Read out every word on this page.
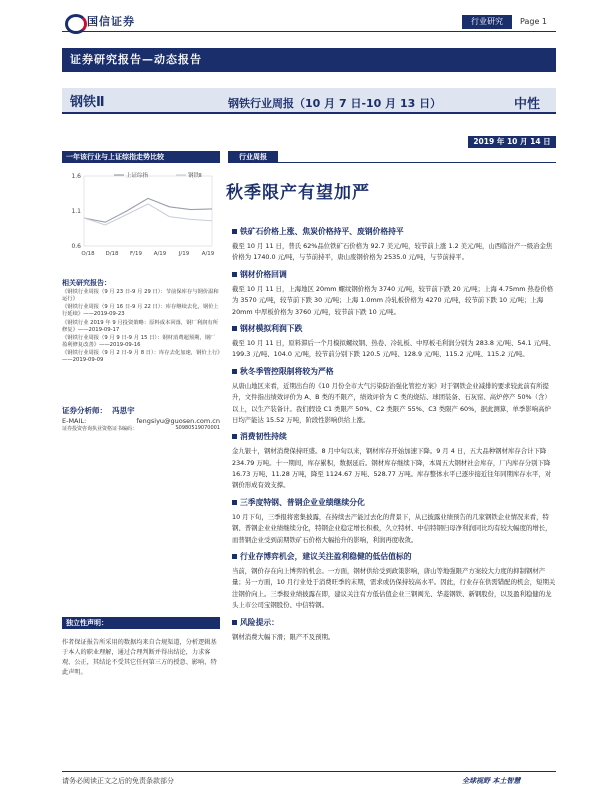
国信证券	行业研究	Page 1
证券研究报告—动态报告
钢铁Ⅱ	钢铁行业周报（10 月 7 日-10 月 13 日）	中性
2019 年 10 月 14 日
一年该行业与上证综指走势比较
1.6
1.1
0.6
O/18 D/18 F/19 A/19 J/19 A/19
上证综指	钢铁Ⅱ

相关研究报告：

《钢铁行业周报（9 月 23 日-9 月 29 日）：节前保库存与钢价温和运行》

《钢铁行业周报（9 月 16 日-9 月 22 日）：库存继续去化，钢价上行延续》——2019-09-23

《钢铁行业 2019 年 9 月投资策略：原料成本回落，钢厂利润有所修复》——2019-09-17

《钢铁行业周报（9 月 9 日-9 月 15 日）：钢材消费超预期，钢厂盈利修复改善》——2019-09-16

《钢铁行业周报（9 月 2 日-9 月 8 日）：库存去化加速，钢价上行》——2019-09-09

证券分析师： 冯思宇
E-MAIL:	fengsiyu@guosen.com.cn
证券投资咨询执业资格证书编码：	S0980519070001
独立性声明：
作者保证报告所采用的数据均来自合规渠道，分析逻辑基于本人的职业理解，通过合理判断并得出结论，力求客观、公正，其结论不受其它任何第三方的授意、影响，特此声明。
行业周报
秋季限产有望加严
铁矿石价格上涨、焦炭价格持平、废钢价格持平

截至 10 月 11 日，普氏 62%品位铁矿石价格为 92.7 美元/吨，较节前上涨 1.2 美元/吨，山西临汾产一级冶金焦价格为 1740.0 元/吨，与节前持平，唐山废钢价格为 2535.0 元/吨，与节前持平。

钢材价格回调

截至 10 月 11 日，上海地区 20mm 螺纹钢价格为 3740 元/吨，较节前下跌 20 元/吨；上海 4.75mm 热卷价格为 3570 元/吨，较节前下跌 30 元/吨；上海 1.0mm 冷轧板价格为 4270 元/吨，较节前下跌 10 元/吨；上海 20mm 中厚板价格为 3760 元/吨，较节前下跌 10 元/吨。

钢材模拟利润下跌

截至 10 月 11 日，原料滞后一个月模拟螺纹钢、热卷、冷轧板、中厚板毛利润分别为 283.8 元/吨、54.1 元/吨、199.3 元/吨、104.0 元/吨，较节前分别下跌 120.5 元/吨、128.9 元/吨、115.2 元/吨、115.2 元/吨。

秋冬季管控限制将较为严格

从唐山地区来看，近期出台的《10 月份全市大气污染防治强化管控方案》对于钢铁企业减排的要求较此前有所提升，文件指出绩效评价为 A、B 类的不限产，绩效评价为 C 类的烧结、球团装备、石灰窑、高炉停产 50%（含）以上，以生产装备计。我们假设 C1 类限产 50%、C2 类限产 55%、C3 类限产 60%，据此测算，单季影响高炉日均产能达 15.52 万吨，阶段性影响供给上涨。

消费韧性持续

金九银十，钢材消费保持旺盛。8 月中旬以来，钢材库存开始加速下降。9 月 4 日，五大品种钢材库存合计下降 234.79 万吨。十一期间，库存累积，数据延后。钢材库存继续下降，本周五大钢材社会库存，厂内库存分别下降 16.73 万吨、11.28 万吨，降至 1124.67 万吨、528.77 万吨。库存整体水平已逐步接近往年同期库存水平，对钢价形成有效支撑。

三季度特钢、普钢企业业绩继续分化

10 月下旬，三季报将密集披露，在持续去产能过去化的背景下，从已披露业绩预告的几家钢铁企业情况来看，特钢、普钢企业业绩继续分化，特钢企业稳定增长积极，久立特材、中信特钢归母净利润同比均有较大幅度的增长，而普钢企业受到前期铁矿石价格大幅抬升的影响，利润再度收敛。

行业存博弈机会，建议关注盈利稳健的低估值标的

当前，钢价存在向上博弈的机会。一方面，钢材供给受到政策影响，唐山等地强限产方案较大力度的抑制钢材产量；另一方面，10 月行业处于消费旺季的末期，需求或仍保持较高水平。因此，行业存在供需错配的机会，短期关注钢价向上。三季报业绩披露在即，建议关注有方低估值企业三钢闽光、华菱钢铁、新钢股份，以及盈利稳健的龙头上市公司宝钢股份、中信特钢。

风险提示：

钢材消费大幅下滑；限产不及预期。

请务必阅读正文之后的免责条款部分	全球视野 本土智慧
